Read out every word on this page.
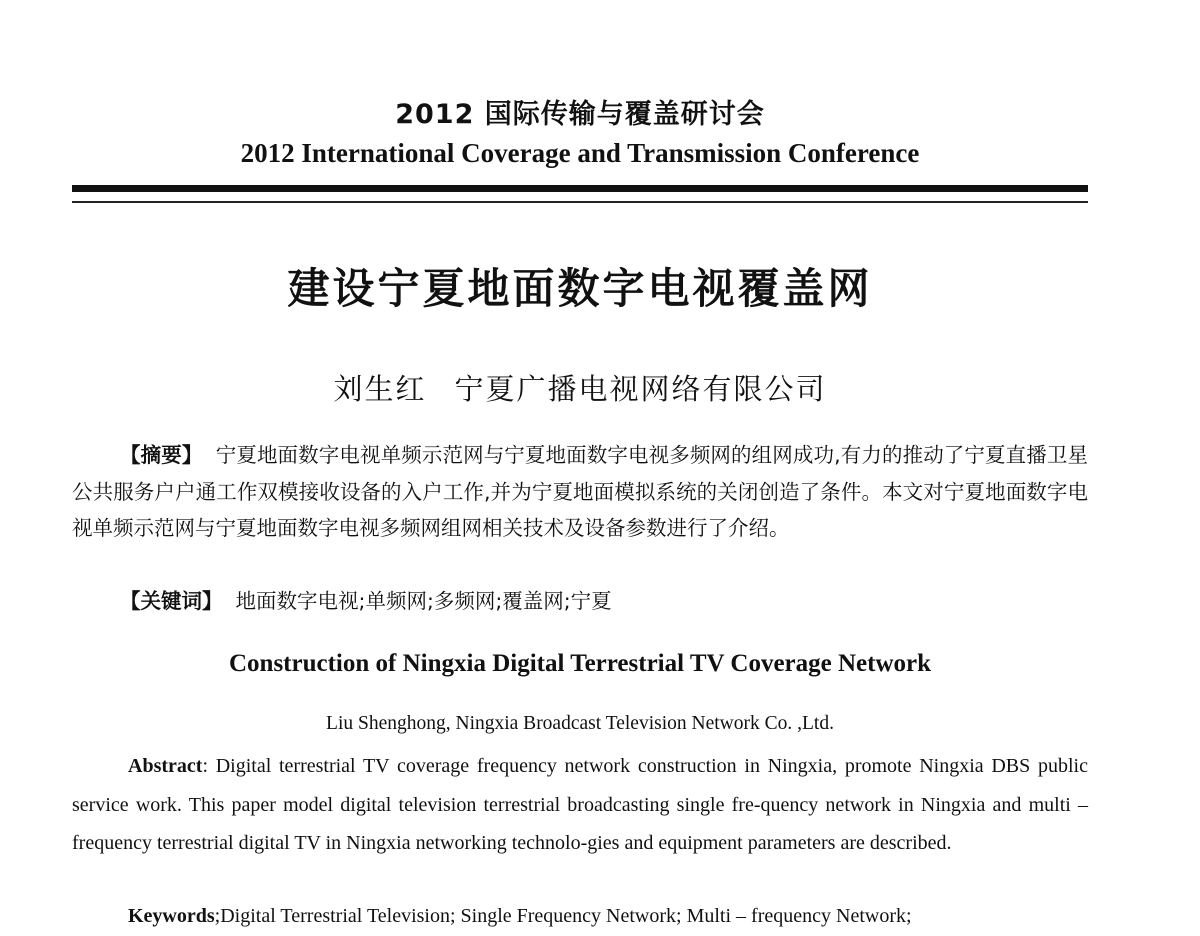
2012 国际传输与覆盖研讨会
2012 International Coverage and Transmission Conference
建设宁夏地面数字电视覆盖网
刘生红 宁夏广播电视网络有限公司
【摘要】 宁夏地面数字电视单频示范网与宁夏地面数字电视多频网的组网成功,有力的推动了宁夏直播卫星公共服务户户通工作双模接收设备的入户工作,并为宁夏地面模拟系统的关闭创造了条件。本文对宁夏地面数字电视单频示范网与宁夏地面数字电视多频网组网相关技术及设备参数进行了介绍。
【关键词】 地面数字电视;单频网;多频网;覆盖网;宁夏
Construction of Ningxia Digital Terrestrial TV Coverage Network
Liu Shenghong, Ningxia Broadcast Television Network Co. ,Ltd.
Abstract: Digital terrestrial TV coverage frequency network construction in Ningxia, promote Ningxia DBS public service work. This paper model digital television terrestrial broadcasting single fre-quency network in Ningxia and multi – frequency terrestrial digital TV in Ningxia networking technolo-gies and equipment parameters are described.
Keywords;Digital Terrestrial Television; Single Frequency Network; Multi – frequency Network;
